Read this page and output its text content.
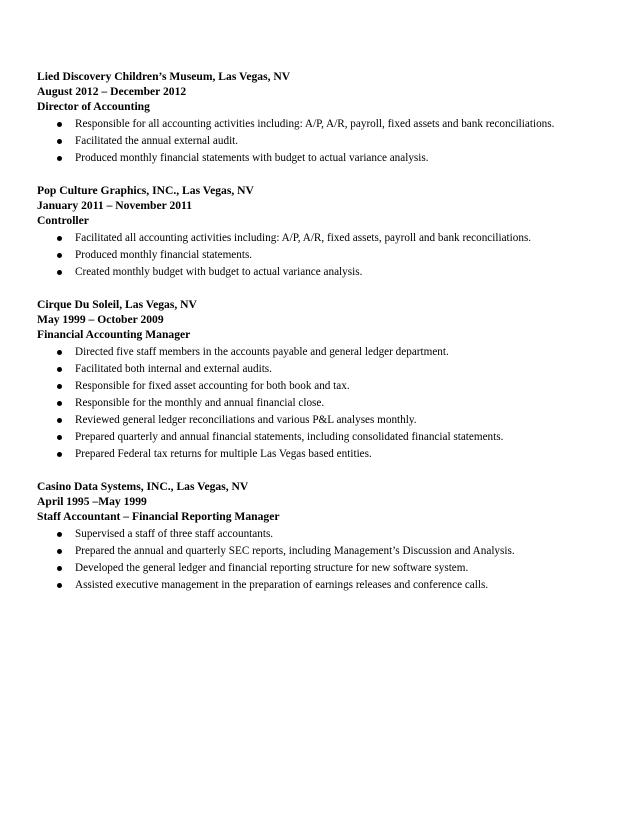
Lied Discovery Children’s Museum, Las Vegas, NV
August 2012 – December 2012
Director of Accounting
Responsible for all accounting activities including: A/P, A/R, payroll, fixed assets and bank reconciliations.
Facilitated the annual external audit.
Produced monthly financial statements with budget to actual variance analysis.
Pop Culture Graphics, INC., Las Vegas, NV
January 2011 – November 2011
Controller
Facilitated all accounting activities including: A/P, A/R, fixed assets, payroll and bank reconciliations.
Produced monthly financial statements.
Created monthly budget with budget to actual variance analysis.
Cirque Du Soleil, Las Vegas, NV
May 1999 – October 2009
Financial Accounting Manager
Directed five staff members in the accounts payable and general ledger department.
Facilitated both internal and external audits.
Responsible for fixed asset accounting for both book and tax.
Responsible for the monthly and annual financial close.
Reviewed general ledger reconciliations and various P&L analyses monthly.
Prepared quarterly and annual financial statements, including consolidated financial statements.
Prepared Federal tax returns for multiple Las Vegas based entities.
Casino Data Systems, INC., Las Vegas, NV
April 1995 –May 1999
Staff Accountant – Financial Reporting Manager
Supervised a staff of three staff accountants.
Prepared the annual and quarterly SEC reports, including Management’s Discussion and Analysis.
Developed the general ledger and financial reporting structure for new software system.
Assisted executive management in the preparation of earnings releases and conference calls.
